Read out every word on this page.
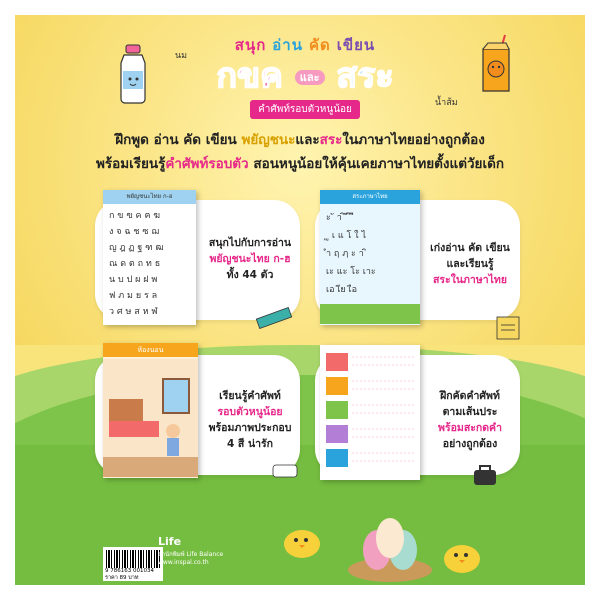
นม
น้ำส้ม
สนุก อ่าน คัด เขียน
กขค และ สระ
คำศัพท์รอบตัวหนูน้อย
ฝึกพูด อ่าน คัด เขียน พยัญชนะและสระในภาษาไทยอย่างถูกต้อง
พร้อมเรียนรู้คำศัพท์รอบตัว สอนหนูน้อยให้คุ้นเคยภาษาไทยตั้งแต่วัยเด็ก
พยัญชนะไทย ก-ฮ
ก ข ฃ ค ฅ ฆ
ง จ ฉ ช ซ ฌ
ญ ฎ ฏ ฐ ฑ ฒ
ณ ด ต ถ ท ธ
น บ ป ผ ฝ พ
ฟ ภ ม ย ร ล
ว ศ ษ ส ห ฬ
สนุกไปกับการอ่าน
พยัญชนะไทย ก-ฮ
ทั้ง 44 ตัว
สระภาษาไทย
ะ ั า ิ ี ึ ื
ุ ู เ แ โ ใ ไ
ำ ฤ ฦ ะ า ิ
เะ แะ โะ เาะ
เอ เีย เือ
เก่งอ่าน คัด เขียน
และเรียนรู้
สระในภาษาไทย
ห้องนอน
เรียนรู้คำศัพท์
รอบตัวหนูน้อย
พร้อมภาพประกอบ
4 สี น่ารัก
ฝึกคัดคำศัพท์
ตามเส้นประ
พร้อมสะกดคำ
อย่างถูกต้อง
9 786163 001034
ราคา 89 บาท
Life
สำนักพิมพ์ Life Balance
www.inspal.co.th
